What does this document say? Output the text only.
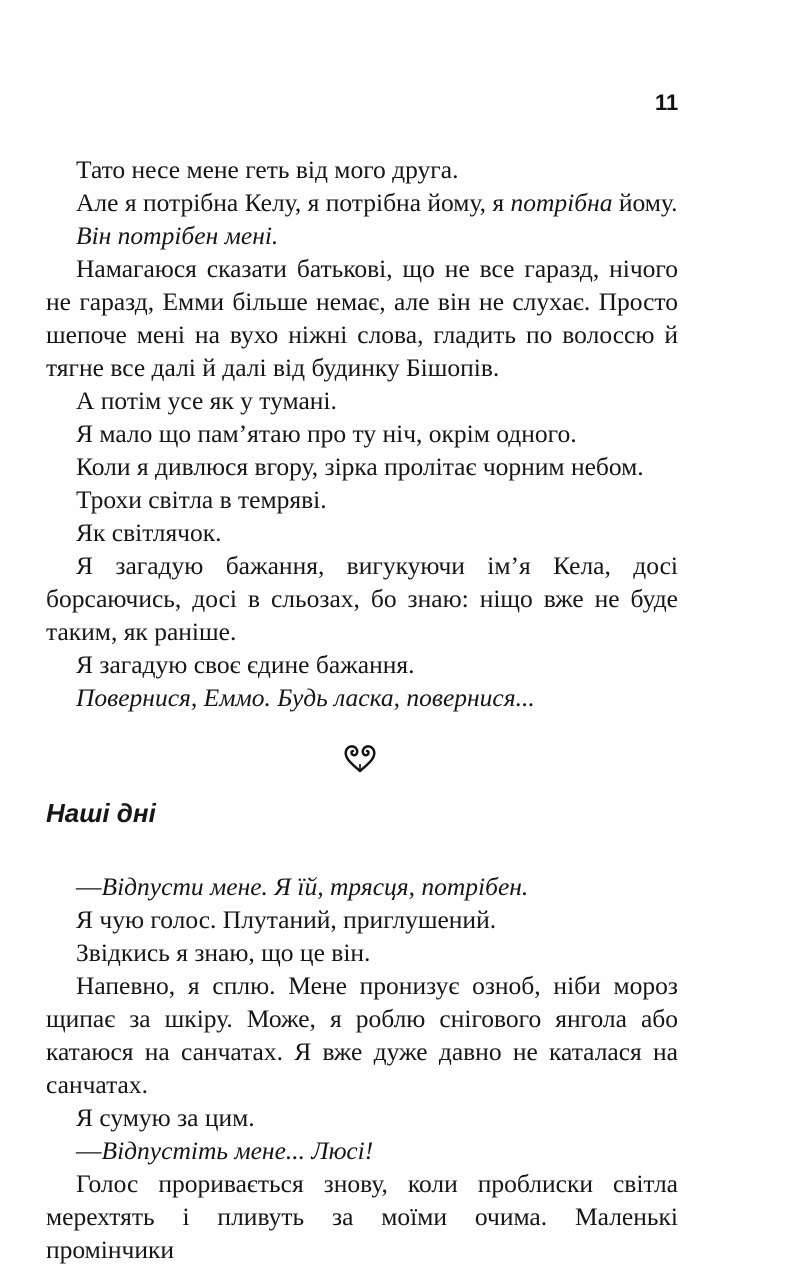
11

Тато несе мене геть від мого друга.

Але я потрібна Келу, я потрібна йому, я потрібна йому.

Він потрібен мені.

Намагаюся сказати батькові, що не все гаразд, нічого не гаразд, Емми більше немає, але він не слухає. Просто шепоче мені на вухо ніжні слова, гладить по волоссю й тягне все далі й далі від будинку Бішопів.

А потім усе як у тумані.

Я мало що пам’ятаю про ту ніч, окрім одного.

Коли я дивлюся вгору, зірка пролітає чорним небом.

Трохи світла в темряві.

Як світлячок.

Я загадую бажання, вигукуючи ім’я Кела, досі борсаючись, досі в сльозах, бо знаю: ніщо вже не буде таким, як раніше.

Я загадую своє єдине бажання.

Повернися, Еммо. Будь ласка, повернися...

Наші дні

—Відпусти мене. Я їй, трясця, потрібен.

Я чую голос. Плутаний, приглушений.

Звідкись я знаю, що це він.

Напевно, я сплю. Мене пронизує озноб, ніби мороз щипає за шкіру. Може, я роблю снігового янгола або катаюся на санчатах. Я вже дуже давно не каталася на санчатах.

Я сумую за цим.

—Відпустіть мене... Люсі!

Голос проривається знову, коли проблиски світла мерехтять і пливуть за моїми очима. Маленькі промінчики
